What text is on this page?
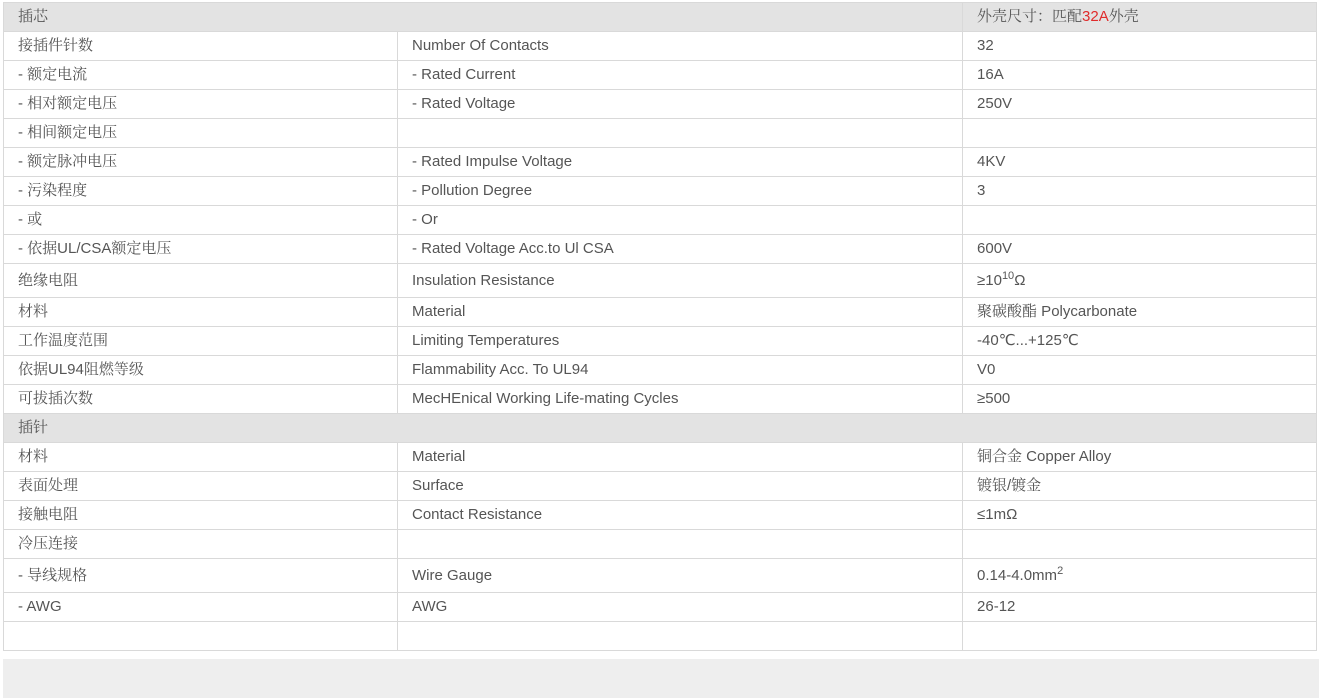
插芯		外壳尺寸：匹配32A外壳
接插件针数	Number Of Contacts	32
- 额定电流	- Rated Current	16A
- 相对额定电压	- Rated Voltage	250V
- 相间额定电压		
- 额定脉冲电压	- Rated Impulse Voltage	4KV
- 污染程度	- Pollution Degree	3
- 或	- Or	
- 依据UL/CSA额定电压	- Rated Voltage Acc.to Ul CSA	600V
绝缘电阻	Insulation Resistance	$\ge 10^{10}\Omega$
材料	Material	聚碳酸酯 Polycarbonate
工作温度范围	Limiting Temperatures	-40℃...+125℃
依据UL94阻燃等级	Flammability Acc. To UL94	V0
可拔插次数	MecHEnical Working Life-mating Cycles	≥500
插针		
材料	Material	铜合金 Copper Alloy
表面处理	Surface	镀银/镀金
接触电阻	Contact Resistance	≤1mΩ
冷压连接		
- 导线规格	Wire Gauge	$0.14-4.0mm^2$
- AWG	AWG	26-12
